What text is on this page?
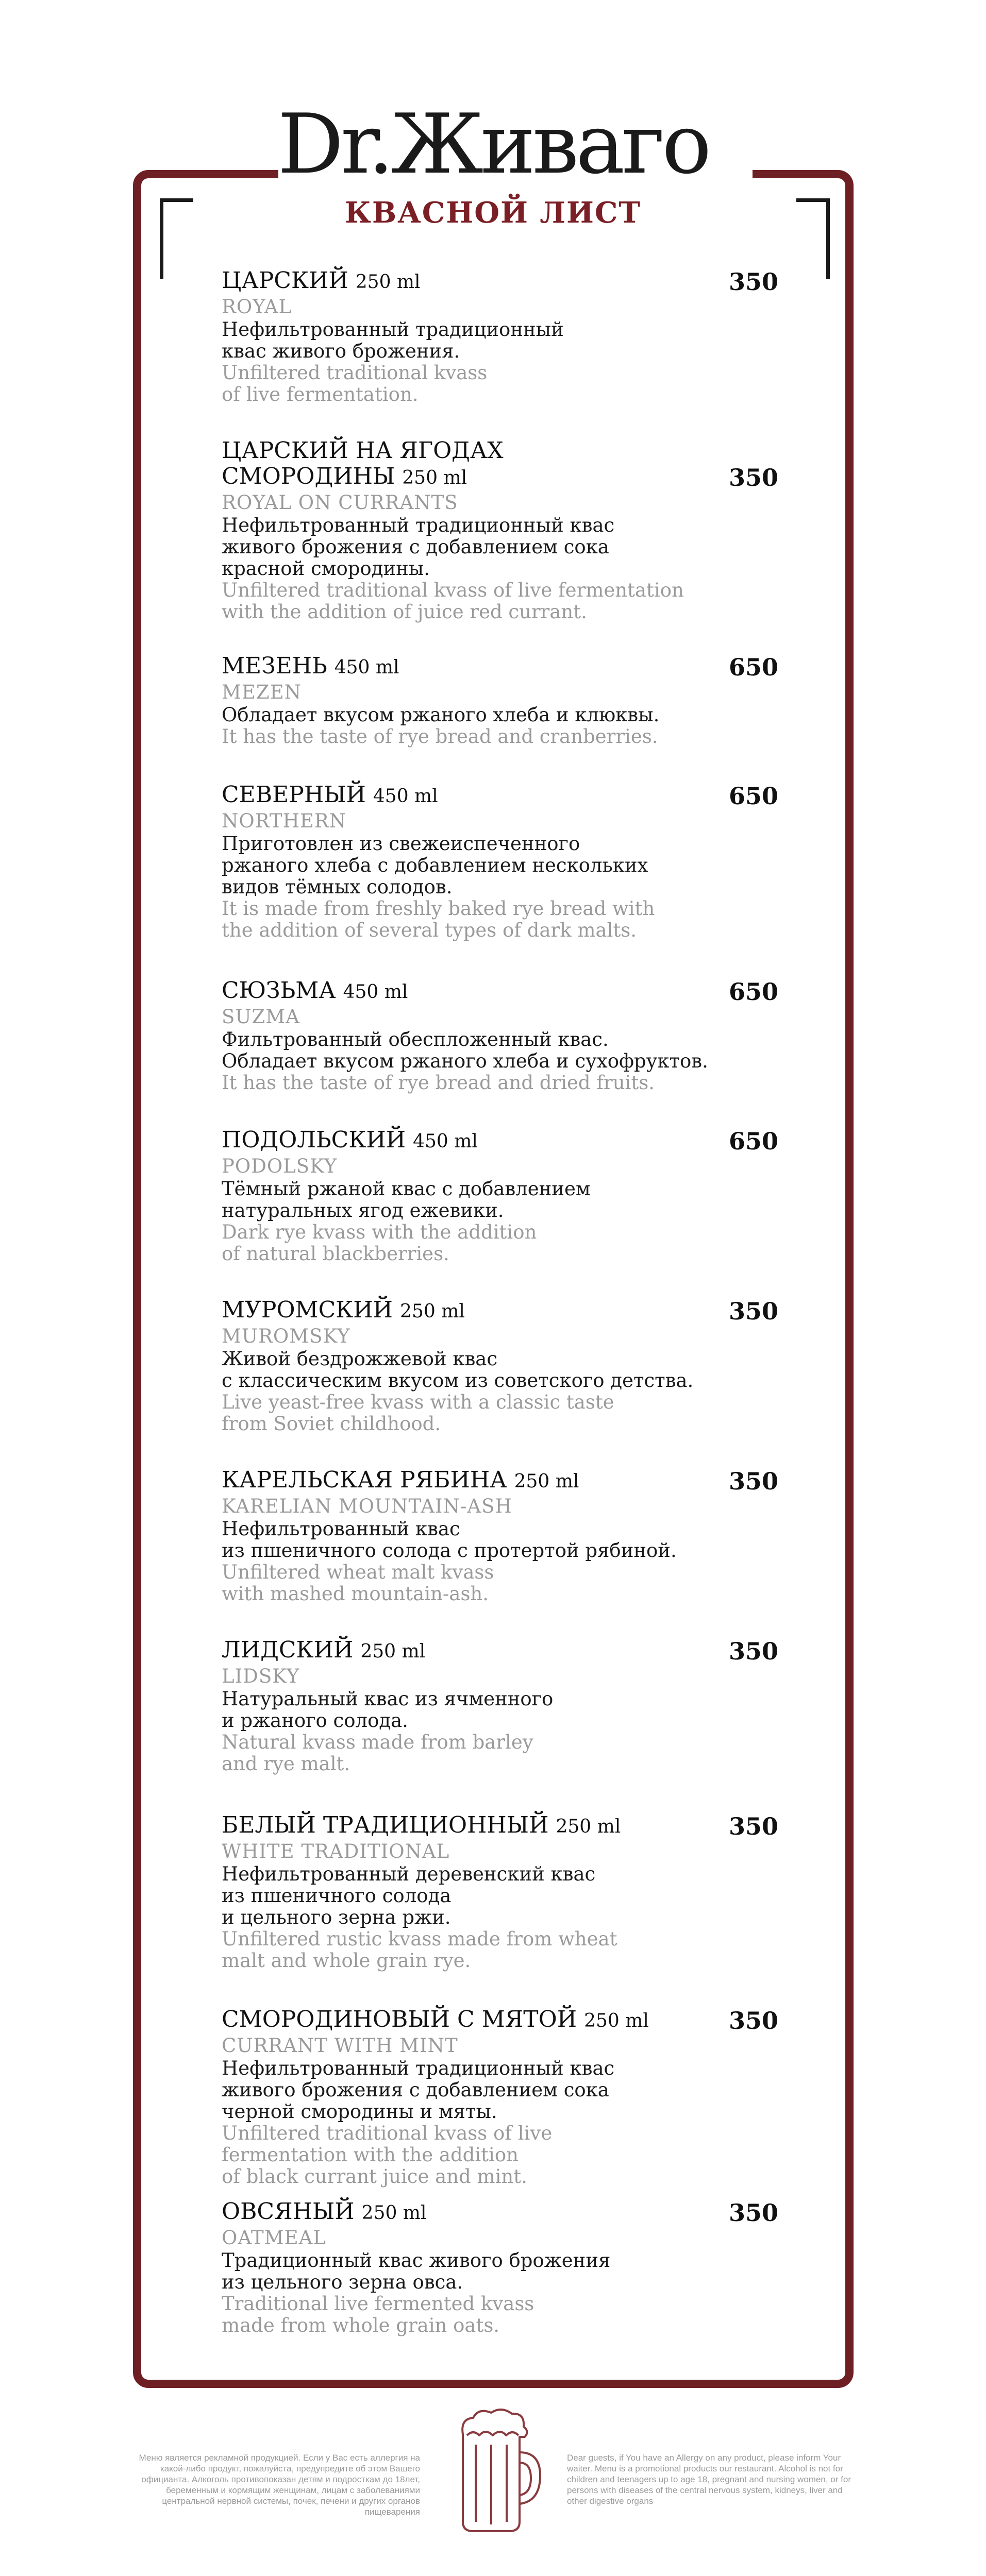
Dr.Живаго
КВАСНОЙ ЛИСТ
350
ЦАРСКИЙ 250 ml
ROYAL
Нефильтрованный традиционный
квас живого брожения.
Unfiltered traditional kvass
of live fermentation.
350
ЦАРСКИЙ НА ЯГОДАХ
СМОРОДИНЫ 250 ml
ROYAL ON CURRANTS
Нефильтрованный традиционный квас
живого брожения с добавлением сока
красной смородины.
Unfiltered traditional kvass of live fermentation
with the addition of juice red currant.
650
МЕЗЕНЬ 450 ml
MEZEN
Обладает вкусом ржаного хлеба и клюквы.
It has the taste of rye bread and cranberries.
650
СЕВЕРНЫЙ 450 ml
NORTHERN
Приготовлен из свежеиспеченного
ржаного хлеба с добавлением нескольких
видов тёмных солодов.
It is made from freshly baked rye bread with
the addition of several types of dark malts.
650
СЮЗЬМА 450 ml
SUZMA
Фильтрованный обеспложенный квас.
Обладает вкусом ржаного хлеба и сухофруктов.
It has the taste of rye bread and dried fruits.
650
ПОДОЛЬСКИЙ 450 ml
PODOLSKY
Тёмный ржаной квас с добавлением
натуральных ягод ежевики.
Dark rye kvass with the addition
of natural blackberries.
350
МУРОМСКИЙ 250 ml
MUROMSKY
Живой бездрожжевой квас
с классическим вкусом из советского детства.
Live yeast-free kvass with a classic taste
from Soviet childhood.
350
КАРЕЛЬСКАЯ РЯБИНА 250 ml
KARELIAN MOUNTAIN-ASH
Нефильтрованный квас
из пшеничного солода с протертой рябиной.
Unfiltered wheat malt kvass
with mashed mountain-ash.
350
ЛИДСКИЙ 250 ml
LIDSKY
Натуральный квас из ячменного
и ржаного солода.
Natural kvass made from barley
and rye malt.
350
БЕЛЫЙ ТРАДИЦИОННЫЙ 250 ml
WHITE TRADITIONAL
Нефильтрованный деревенский квас
из пшеничного солода
и цельного зерна ржи.
Unfiltered rustic kvass made from wheat
malt and whole grain rye.
350
СМОРОДИНОВЫЙ С МЯТОЙ 250 ml
CURRANT WITH MINT
Нефильтрованный традиционный квас
живого брожения с добавлением сока
черной смородины и мяты.
Unfiltered traditional kvass of live
fermentation with the addition
of black currant juice and mint.
350
ОВСЯНЫЙ 250 ml
OATMEAL
Традиционный квас живого брожения
из цельного зерна овса.
Traditional live fermented kvass
made from whole grain oats.
Меню является рекламной продукцией. Если у Вас есть аллергия на какой-либо продукт, пожалуйста, предупредите об этом Вашего официанта. Алкоголь противопоказан детям и подросткам до 18лет, беременным и кормящим женщинам, лицам с заболеваниями центральной нервной системы, почек, печени и других органов пищеварения
Dear guests, if You have an Allergy on any product, please inform Your waiter. Menu is a promotional products our restaurant. Alcohol is not for children and teenagers up to age 18, pregnant and nursing women, or for persons with diseases of the central nervous system, kidneys, liver and other digestive organs
